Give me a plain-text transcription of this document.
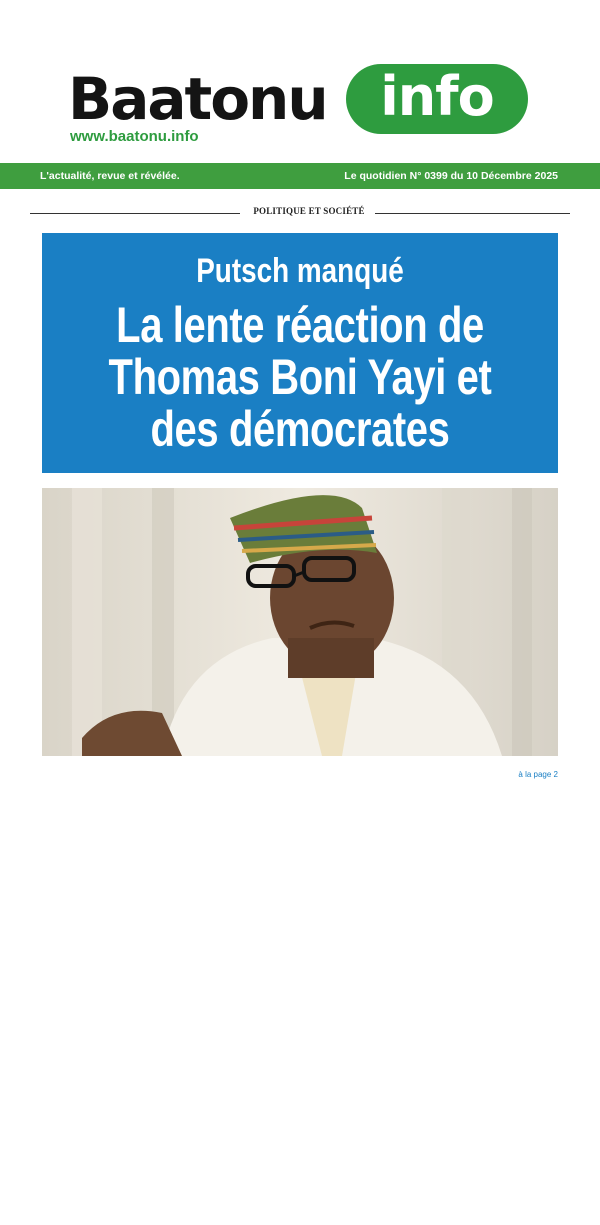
Baatonu info
www.baatonu.info
L'actualité, revue et révélée.	Le quotidien N° 0399 du 10 Décembre 2025
POLITIQUE ET SOCIÉTÉ
Putsch manqué
La lente réaction de
Thomas Boni Yayi et
des démocrates
©DR/DR
à la page 2
